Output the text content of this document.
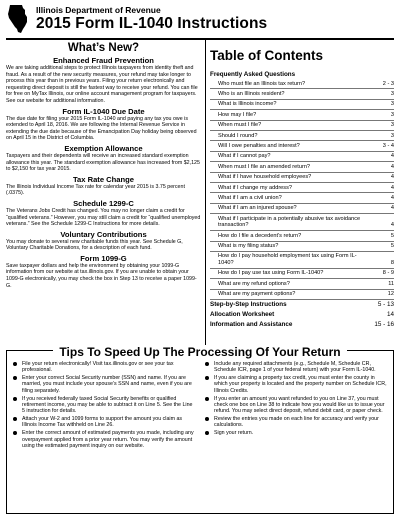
Illinois Department of Revenue
2015 Form IL-1040 Instructions
What’s New?
Enhanced Fraud Prevention
We are taking additional steps to protect Illinois taxpayers from identity theft and fraud. As a result of the new security measures, your refund may take longer to process this year than in previous years. Filing your return electronically and requesting direct deposit is still the fastest way to receive your refund. You can file for free on MyTax Illinois, our online account management program for taxpayers. See our website for additional information.
Form IL-1040 Due Date
The due date for filing your 2015 Form IL-1040 and paying any tax you owe is extended to April 18, 2016. We are following the Internal Revenue Service in extending the due date because of the Emancipation Day holiday being observed on April 15 in the District of Columbia.
Exemption Allowance
Taxpayers and their dependents will receive an increased standard exemption allowance this year. The standard exemption allowance has increased from $2,125 to $2,150 for tax year 2015.
Tax Rate Change
The Illinois Individual Income Tax rate for calendar year 2015 is 3.75 percent (.0375).
Schedule 1299-C
The Veterans Jobs Credit has changed. You may no longer claim a credit for “qualified veterans.” However, you may still claim a credit for “qualified unemployed veterans.” See the Schedule 1299-C Instructions for more details.
Voluntary Contributions
You may donate to several new charitable funds this year. See Schedule G, Voluntary Charitable Donations, for a description of each fund.
Form 1099-G
Save taxpayer dollars and help the environment by obtaining your 1099-G information from our website at tax.illinois.gov. If you are unable to obtain your 1099-G electronically, you may check the box in Step 13 to receive a paper 1099-G.
Table of Contents
Frequently Asked Questions
Who must file an Illinois tax return?	2 - 3
Who is an Illinois resident?	3
What is Illinois income?	3
How may I file?	3
When must I file?	3
Should I round?	3
Will I owe penalties and interest?	3 - 4
What if I cannot pay?	4
When must I file an amended return?	4
What if I have household employees?	4
What if I change my address?	4
What if I am a civil union?	4
What if I am an injured spouse?	4
What if I participate in a potentially abusive tax avoidance transaction?	4
How do I file a decedent’s return?	5
What is my filing status?	5
How do I pay household employment tax using Form IL-1040?	8
How do I pay use tax using Form IL-1040?	8 - 9
What are my refund options?	11
What are my payment options?	12
Step-by-Step Instructions	5 - 13
Allocation Worksheet	14
Information and Assistance	15 - 16
Tips To Speed Up The Processing Of Your Return
File your return electronically! Visit tax.illinois.gov or see your tax professional.
Enter your correct Social Security number (SSN) and name. If you are married, you must include your spouse’s SSN and name, even if you are filing separately.
If you received federally taxed Social Security benefits or qualified retirement income, you may be able to subtract it on Line 5. See the Line 5 instruction for details.
Attach your W-2 and 1099 forms to support the amount you claim as Illinois Income Tax withheld on Line 26.
Enter the correct amount of estimated payments you made, including any overpayment applied from a prior year return. You may verify the amount using the estimated payment inquiry on our website.
Include any required attachments (e.g., Schedule M, Schedule CR, Schedule ICR, page 1 of your federal return) with your Form IL-1040.
If you are claiming a property tax credit, you must enter the county in which your property is located and the property number on Schedule ICR, Illinois Credits.
If you enter an amount you want refunded to you on Line 37, you must check one box on Line 38 to indicate how you would like us to issue your refund. You may select direct deposit, refund debit card, or paper check.
Review the entries you made on each line for accuracy and verify your calculations.
Sign your return.
